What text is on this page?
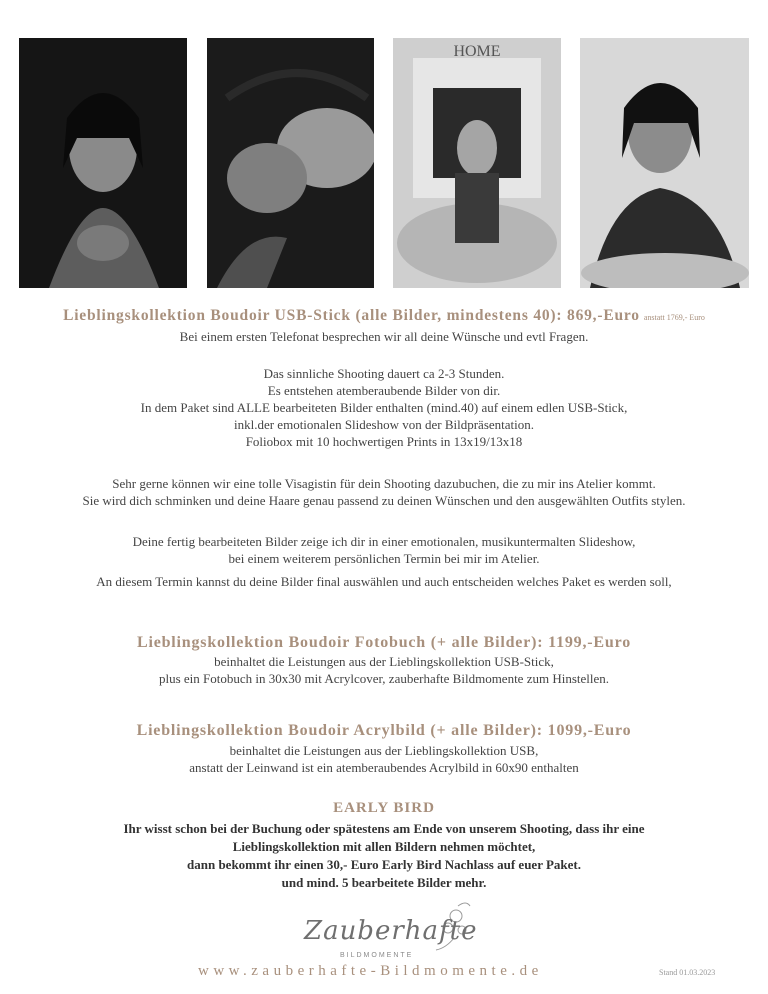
HOME
Lieblingskollektion Boudoir USB-Stick (alle Bilder, mindestens 40): 869,-Euro anstatt 1769,- Euro
Bei einem ersten Telefonat besprechen wir all deine Wünsche und evtl Fragen.
Das sinnliche Shooting dauert ca 2-3 Stunden.
Es entstehen atemberaubende Bilder von dir.
In dem Paket sind ALLE bearbeiteten Bilder enthalten (mind.40) auf einem edlen USB-Stick,
inkl.der emotionalen Slideshow von der Bildpräsentation.
Foliobox mit 10 hochwertigen Prints in 13x19/13x18
Sehr gerne können wir eine tolle Visagistin für dein Shooting dazubuchen, die zu mir ins Atelier kommt.
Sie wird dich schminken und deine Haare genau passend zu deinen Wünschen und den ausgewählten Outfits stylen.
Deine fertig bearbeiteten Bilder zeige ich dir in einer emotionalen, musikuntermalten Slideshow,
bei einem weiterem persönlichen Termin bei mir im Atelier.
An diesem Termin kannst du deine Bilder final auswählen und auch entscheiden welches Paket es werden soll,
Lieblingskollektion Boudoir Fotobuch (+ alle Bilder): 1199,-Euro
beinhaltet die Leistungen aus der Lieblingskollektion USB-Stick,
plus ein Fotobuch in 30x30 mit Acrylcover, zauberhafte Bildmomente zum Hinstellen.
Lieblingskollektion Boudoir Acrylbild (+ alle Bilder): 1099,-Euro
beinhaltet die Leistungen aus der Lieblingskollektion USB,
anstatt der Leinwand ist ein atemberaubendes Acrylbild in 60x90 enthalten
EARLY BIRD
Ihr wisst schon bei der Buchung oder spätestens am Ende von unserem Shooting, dass ihr eine
Lieblingskollektion mit allen Bildern nehmen möchtet,
dann bekommt ihr einen 30,- Euro Early Bird Nachlass auf euer Paket.
und mind. 5 bearbeitete Bilder mehr.
Zauberhafte
BILDMOMENTE
www.zauberhafte-Bildmomente.de	Stand 01.03.2023
